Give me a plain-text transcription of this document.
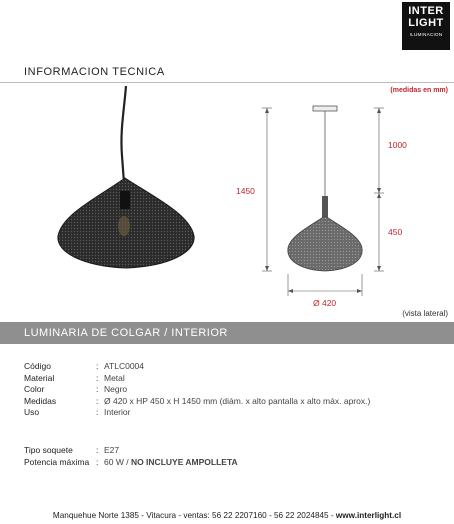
INTER
LIGHT
ILUMINACION
INFORMACION TECNICA
(medidas en mm)
1450
1000
450
Ø 420
(vista lateral)
LUMINARIA DE COLGAR / INTERIOR
Código	: ATLC0004
Material	: Metal
Color	: Negro
Medidas	: Ø 420 x HP 450 x H 1450 mm (diám. x alto pantalla x alto máx. aprox.)
Uso	: Interior
Tipo soquete	: E27
Potencia máxima : 60 W / NO INCLUYE AMPOLLETA
Manquehue Norte 1385 - Vitacura - ventas: 56 22 2207160 - 56 22 2024845 - www.interlight.cl
